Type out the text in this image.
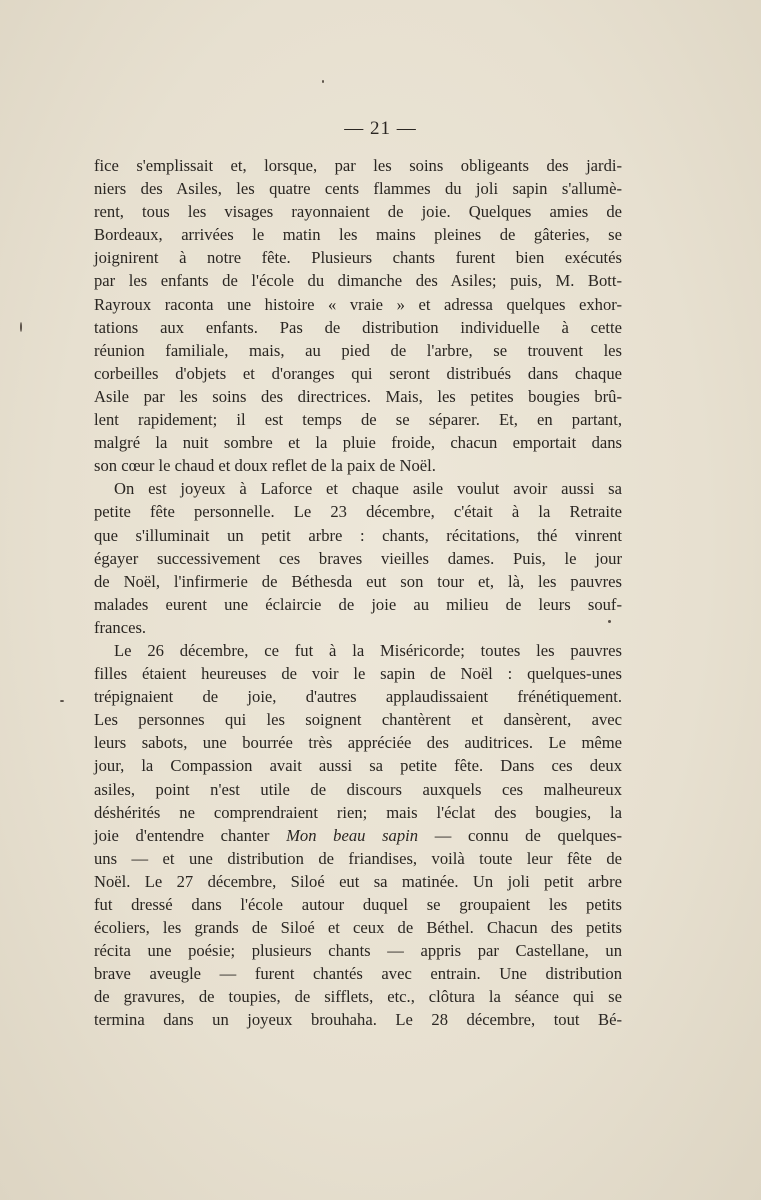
— 21 —
fice s'emplissait et, lorsque, par les soins obligeants des jardi-
niers des Asiles, les quatre cents flammes du joli sapin s'allumè-
rent, tous les visages rayonnaient de joie. Quelques amies de
Bordeaux, arrivées le matin les mains pleines de gâteries, se
joignirent à notre fête. Plusieurs chants furent bien exécutés
par les enfants de l'école du dimanche des Asiles; puis, M. Bott-
Rayroux raconta une histoire « vraie » et adressa quelques exhor-
tations aux enfants. Pas de distribution individuelle à cette
réunion familiale, mais, au pied de l'arbre, se trouvent les
corbeilles d'objets et d'oranges qui seront distribués dans chaque
Asile par les soins des directrices. Mais, les petites bougies brû-
lent rapidement; il est temps de se séparer. Et, en partant,
malgré la nuit sombre et la pluie froide, chacun emportait dans
son cœur le chaud et doux reflet de la paix de Noël.
On est joyeux à Laforce et chaque asile voulut avoir aussi sa
petite fête personnelle. Le 23 décembre, c'était à la Retraite
que s'illuminait un petit arbre : chants, récitations, thé vinrent
égayer successivement ces braves vieilles dames. Puis, le jour
de Noël, l'infirmerie de Béthesda eut son tour et, là, les pauvres
malades eurent une éclaircie de joie au milieu de leurs souf-
frances.
Le 26 décembre, ce fut à la Miséricorde; toutes les pauvres
filles étaient heureuses de voir le sapin de Noël : quelques-unes
trépignaient de joie, d'autres applaudissaient frénétiquement.
Les personnes qui les soignent chantèrent et dansèrent, avec
leurs sabots, une bourrée très appréciée des auditrices. Le même
jour, la Compassion avait aussi sa petite fête. Dans ces deux
asiles, point n'est utile de discours auxquels ces malheureux
déshérités ne comprendraient rien; mais l'éclat des bougies, la
joie d'entendre chanter Mon beau sapin — connu de quelques-
uns — et une distribution de friandises, voilà toute leur fête de
Noël. Le 27 décembre, Siloé eut sa matinée. Un joli petit arbre
fut dressé dans l'école autour duquel se groupaient les petits
écoliers, les grands de Siloé et ceux de Béthel. Chacun des petits
récita une poésie; plusieurs chants — appris par Castellane, un
brave aveugle — furent chantés avec entrain. Une distribution
de gravures, de toupies, de sifflets, etc., clôtura la séance qui se
termina dans un joyeux brouhaha. Le 28 décembre, tout Bé-
